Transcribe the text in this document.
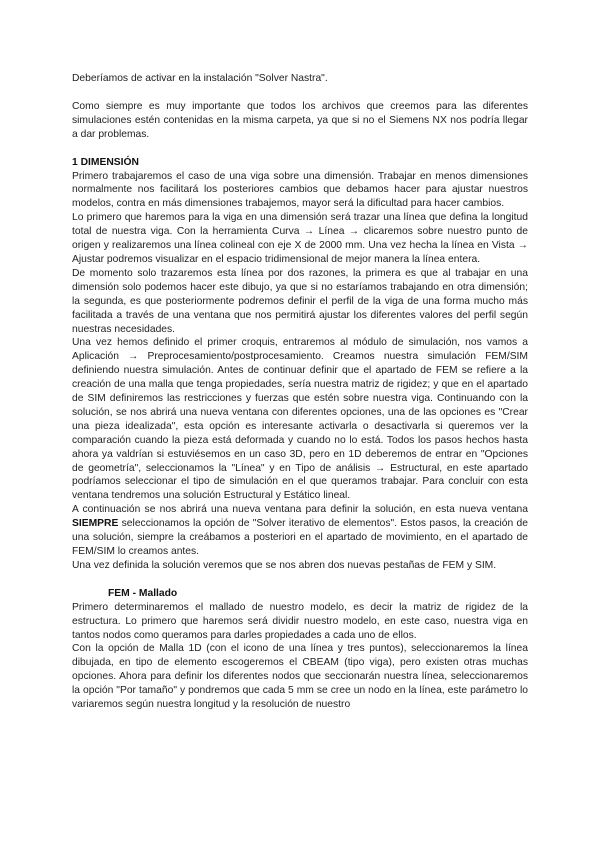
Deberíamos de activar en la instalación "Solver Nastra".

Como siempre es muy importante que todos los archivos que creemos para las diferentes simulaciones estén contenidas en la misma carpeta, ya que si no el Siemens NX nos podría llegar a dar problemas.

1 DIMENSIÓN

Primero trabajaremos el caso de una viga sobre una dimensión. Trabajar en menos dimensiones normalmente nos facilitará los posteriores cambios que debamos hacer para ajustar nuestros modelos, contra en más dimensiones trabajemos, mayor será la dificultad para hacer cambios.

Lo primero que haremos para la viga en una dimensión será trazar una línea que defina la longitud total de nuestra viga. Con la herramienta Curva → Línea → clicaremos sobre nuestro punto de origen y realizaremos una línea colineal con eje X de 2000 mm. Una vez hecha la línea en Vista → Ajustar podremos visualizar en el espacio tridimensional de mejor manera la línea entera.

De momento solo trazaremos esta línea por dos razones, la primera es que al trabajar en una dimensión solo podemos hacer este dibujo, ya que si no estaríamos trabajando en otra dimensión; la segunda, es que posteriormente podremos definir el perfil de la viga de una forma mucho más facilitada a través de una ventana que nos permitirá ajustar los diferentes valores del perfil según nuestras necesidades.

Una vez hemos definido el primer croquis, entraremos al módulo de simulación, nos vamos a Aplicación → Preprocesamiento/postprocesamiento. Creamos nuestra simulación FEM/SIM definiendo nuestra simulación. Antes de continuar definir que el apartado de FEM se refiere a la creación de una malla que tenga propiedades, sería nuestra matriz de rigidez; y que en el apartado de SIM definiremos las restricciones y fuerzas que estén sobre nuestra viga. Continuando con la solución, se nos abrirá una nueva ventana con diferentes opciones, una de las opciones es "Crear una pieza idealizada", esta opción es interesante activarla o desactivarla si queremos ver la comparación cuando la pieza está deformada y cuando no lo está. Todos los pasos hechos hasta ahora ya valdrían si estuviésemos en un caso 3D, pero en 1D deberemos de entrar en "Opciones de geometría", seleccionamos la "Línea" y en Tipo de análisis → Estructural, en este apartado podríamos seleccionar el tipo de simulación en el que queramos trabajar. Para concluir con esta ventana tendremos una solución Estructural y Estático lineal.

A continuación se nos abrirá una nueva ventana para definir la solución, en esta nueva ventana SIEMPRE seleccionamos la opción de "Solver iterativo de elementos". Estos pasos, la creación de una solución, siempre la creábamos a posteriori en el apartado de movimiento, en el apartado de FEM/SIM lo creamos antes.

Una vez definida la solución veremos que se nos abren dos nuevas pestañas de FEM y SIM.

FEM - Mallado

Primero determinaremos el mallado de nuestro modelo, es decir la matriz de rigidez de la estructura. Lo primero que haremos será dividir nuestro modelo, en este caso, nuestra viga en tantos nodos como queramos para darles propiedades a cada uno de ellos.

Con la opción de Malla 1D (con el icono de una línea y tres puntos), seleccionaremos la línea dibujada, en tipo de elemento escogeremos el CBEAM (tipo viga), pero existen otras muchas opciones. Ahora para definir los diferentes nodos que seccionarán nuestra línea, seleccionaremos la opción "Por tamaño" y pondremos que cada 5 mm se cree un nodo en la línea, este parámetro lo variaremos según nuestra longitud y la resolución de nuestro
